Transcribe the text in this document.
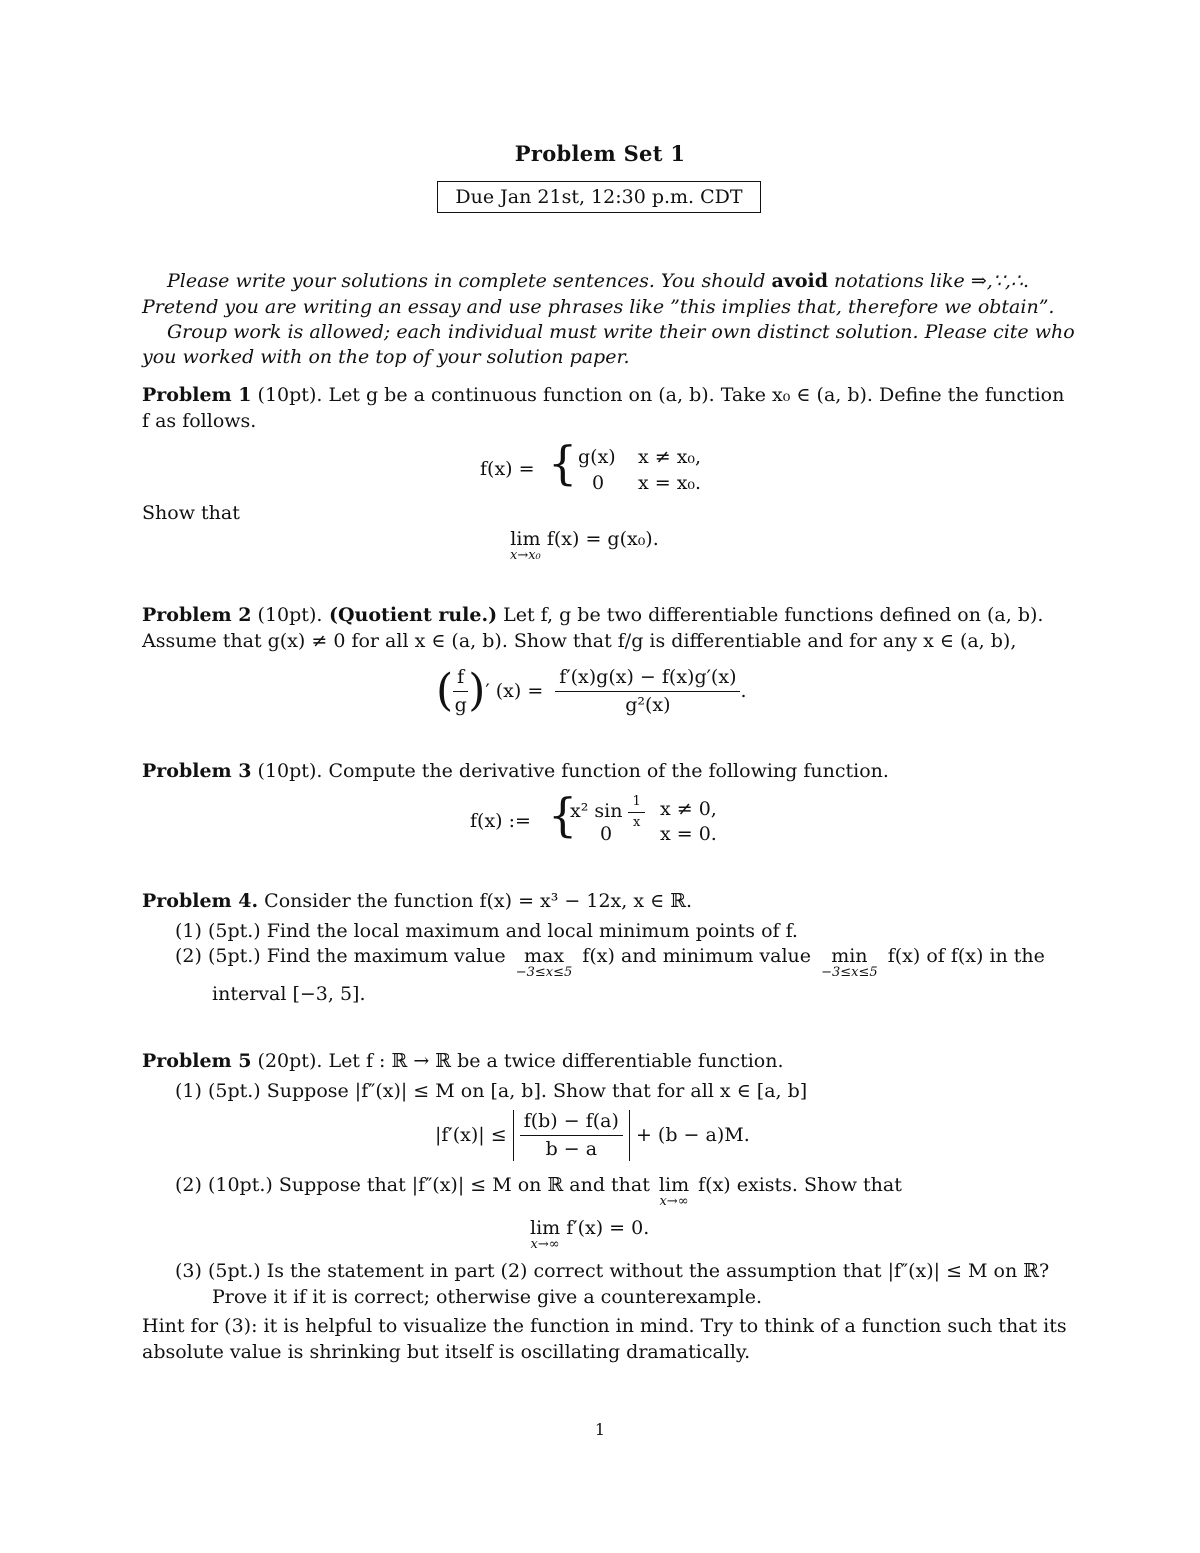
Problem Set 1
Due Jan 21st, 12:30 p.m. CDT
Please write your solutions in complete sentences. You should avoid notations like ⇒,∵,∴.
Pretend you are writing an essay and use phrases like ”this implies that, therefore we obtain”.
Group work is allowed; each individual must write their own distinct solution. Please cite who
you worked with on the top of your solution paper.
Problem 1 (10pt). Let g be a continuous function on (a, b). Take x₀ ∈ (a, b). Define the function
f as follows.
f(x) = { g(x) x ≠ x₀,
0 x = x₀.
Show that
lim
x→x₀
f(x) = g(x₀).
Problem 2 (10pt). (Quotient rule.) Let f, g be two differentiable functions defined on (a, b).
Assume that g(x) ≠ 0 for all x ∈ (a, b). Show that f/g is differentiable and for any x ∈ (a, b),
( $\frac{f}{g}$ )′ $(x) = \frac{f'(x)g(x) - f(x)g'(x)}{\text{g²(x)}}$ .
Problem 3 (10pt). Compute the derivative function of the following function.
f(x) := {
x² $\sin \frac{1}{x}$ x ≠ 0,
0	x = 0.
Problem 4. Consider the function f(x) = x³ − 12x, x ∈ ℝ.
(1) (5pt.) Find the local maximum and local minimum points of f.
(2) (5pt.) Find the maximum value max
−3≤x≤5
f(x) and minimum value	min
−3≤x≤5
f(x) of f(x) in the
interval [−3, 5].
Problem 5 (20pt). Let f : ℝ → ℝ be a twice differentiable function.
(1) (5pt.) Suppose |f″(x)| ≤ M on [a, b]. Show that for all x ∈ [a, b]
$|f'(x)| \le \frac{f(b) - f(a)}{b - a} + (b - a)M$.
(2) (10pt.) Suppose that |f″(x)| ≤ M on ℝ and that lim
x→∞
f(x) exists. Show that
lim
x→∞
f′(x) = 0.
(3) (5pt.) Is the statement in part (2) correct without the assumption that |f″(x)| ≤ M on ℝ?
Prove it if it is correct; otherwise give a counterexample.
Hint for (3): it is helpful to visualize the function in mind. Try to think of a function such that its
absolute value is shrinking but itself is oscillating dramatically.
1
